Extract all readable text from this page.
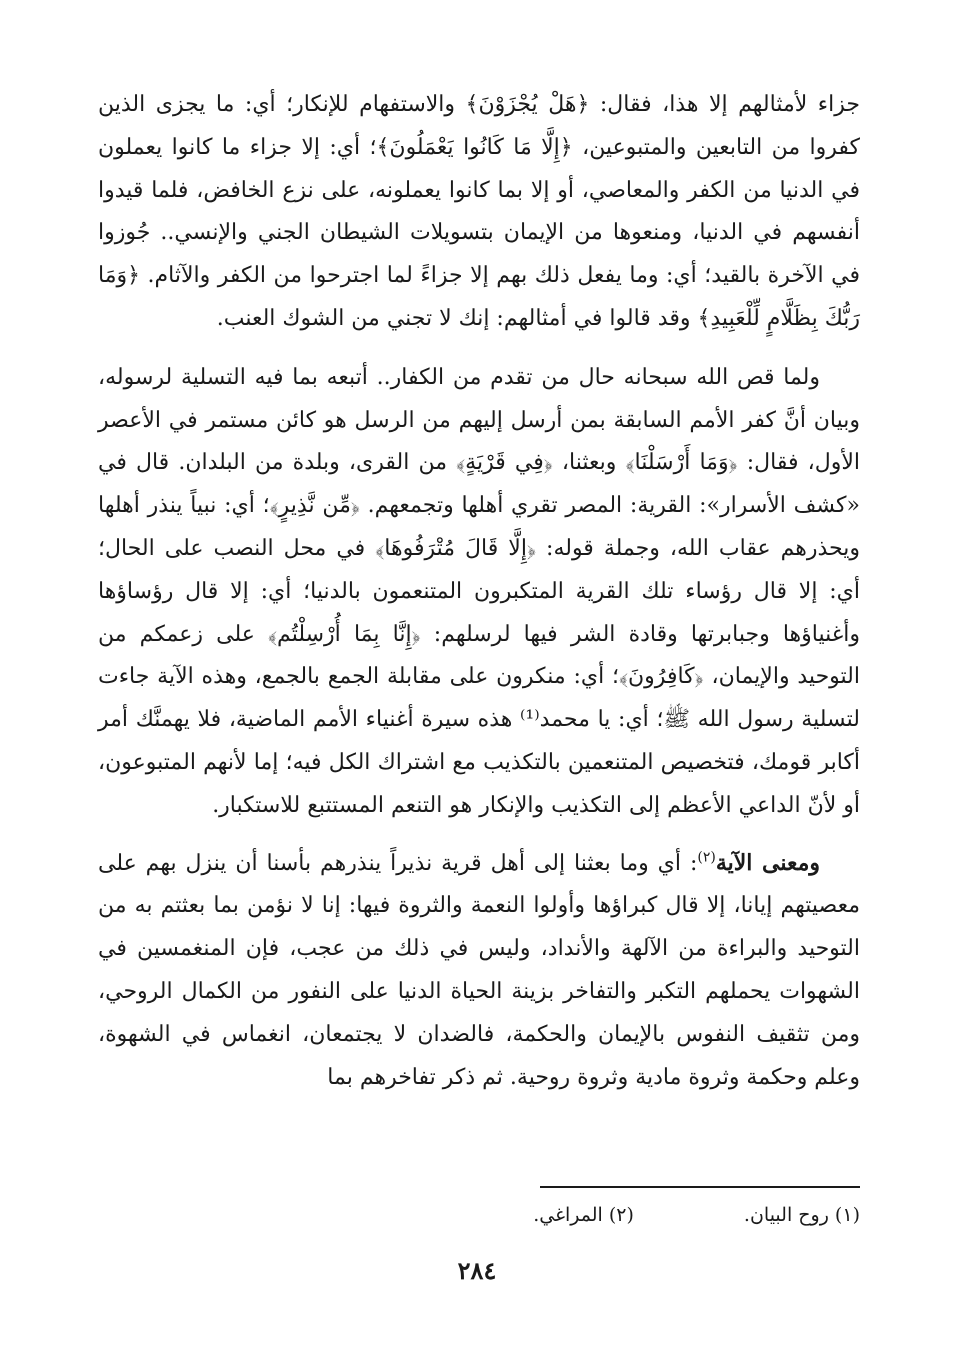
جزاء لأمثالهم إلا هذا، فقال: ﴿هَلْ يُجْزَوْنَ﴾ والاستفهام للإنكار؛ أي: ما يجزى الذين كفروا من التابعين والمتبوعين، ﴿إِلَّا مَا كَانُوا يَعْمَلُونَ﴾؛ أي: إلا جزاء ما كانوا يعملون في الدنيا من الكفر والمعاصي، أو إلا بما كانوا يعملونه، على نزع الخافض، فلما قيدوا أنفسهم في الدنيا، ومنعوها من الإيمان بتسويلات الشيطان الجني والإنسي.. جُوزوا في الآخرة بالقيد؛ أي: وما يفعل ذلك بهم إلا جزاءً لما اجترحوا من الكفر والآثام. ﴿وَمَا رَبُّكَ بِظَلَّامٍ لِّلْعَبِيدِ﴾ وقد قالوا في أمثالهم: إنك لا تجني من الشوك العنب.

ولما قص الله سبحانه حال من تقدم من الكفار.. أتبعه بما فيه التسلية لرسوله، وبيان أنَّ كفر الأمم السابقة بمن أرسل إليهم من الرسل هو كائن مستمر في الأعصر الأول، فقال: ﴿وَمَا أَرْسَلْنَا﴾ وبعثنا، ﴿فِي قَرْيَةٍ﴾ من القرى، وبلدة من البلدان. قال في «كشف الأسرار»: القرية: المصر تقري أهلها وتجمعهم. ﴿مِّن نَّذِيرٍ﴾؛ أي: نبياً ينذر أهلها ويحذرهم عقاب الله، وجملة قوله: ﴿إِلَّا قَالَ مُتْرَفُوهَا﴾ في محل النصب على الحال؛ أي: إلا قال رؤساء تلك القرية المتكبرون المتنعمون بالدنيا؛ أي: إلا قال رؤساؤها وأغنياؤها وجبابرتها وقادة الشر فيها لرسلهم: ﴿إِنَّا بِمَا أُرْسِلْتُم﴾ على زعمكم من التوحيد والإيمان، ﴿كَافِرُونَ﴾؛ أي: منكرون على مقابلة الجمع بالجمع، وهذه الآية جاءت لتسلية رسول الله ﷺ؛ أي: يا محمد⁽¹⁾ هذه سيرة أغنياء الأمم الماضية، فلا يهمنَّك أمر أكابر قومك، فتخصيص المتنعمين بالتكذيب مع اشتراك الكل فيه؛ إما لأنهم المتبوعون، أو لأنّ الداعي الأعظم إلى التكذيب والإنكار هو التنعم المستتبع للاستكبار.

ومعنى الآية$^{(٢)}$: أي وما بعثنا إلى أهل قرية نذيراً ينذرهم بأسنا أن ينزل بهم على معصيتهم إيانا، إلا قال كبراؤها وأولوا النعمة والثروة فيها: إنا لا نؤمن بما بعثتم به من التوحيد والبراءة من الآلهة والأنداد، وليس في ذلك من عجب، فإن المنغمسين في الشهوات يحملهم التكبر والتفاخر بزينة الحياة الدنيا على النفور من الكمال الروحي، ومن تثقيف النفوس بالإيمان والحكمة، فالضدان لا يجتمعان، انغماس في الشهوة، وعلم وحكمة وثروة مادية وثروة روحية. ثم ذكر تفاخرهم بما

(١) روح البيان.
(٢) المراغي.
٢٨٤
